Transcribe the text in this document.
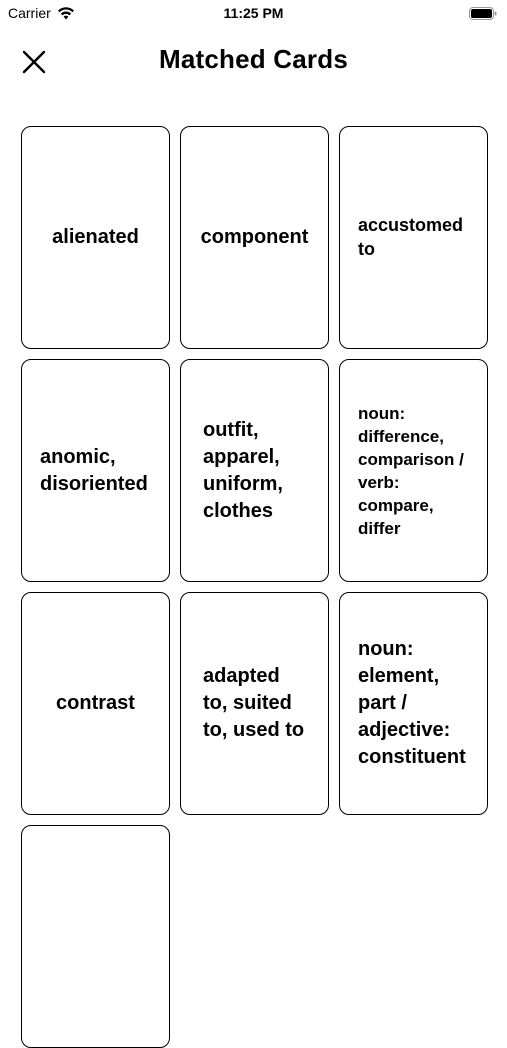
Carrier	11:25 PM
Matched Cards
alienated	component
accustomed
to
anomic,
disoriented
outfit,
apparel,
uniform,
clothes
noun:
difference,
comparison /
verb:
compare,
differ
contrast
adapted
to, suited
to, used to
noun:
element,
part /
adjective:
constituent
